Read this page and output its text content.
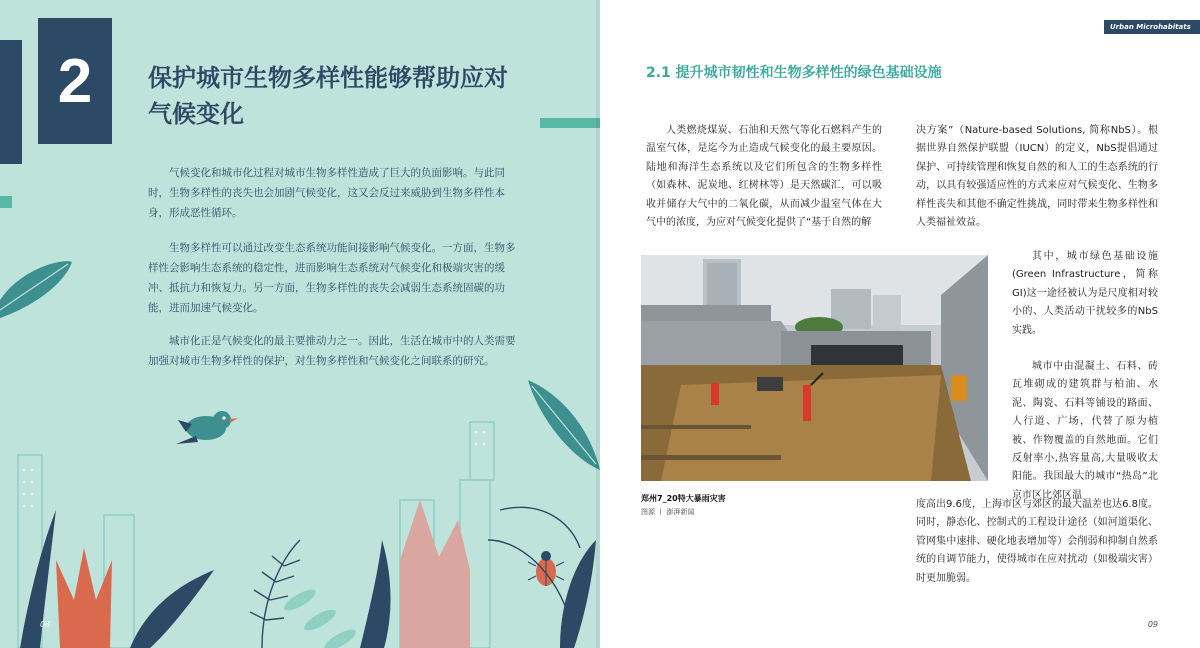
2 保护城市生物多样性能够帮助应对
气候变化

气候变化和城市化过程对城市生物多样性造成了巨大的负面影响。与此同时，生物多样性的丧失也会加剧气候变化，这又会反过来威胁到生物多样性本身，形成恶性循环。

生物多样性可以通过改变生态系统功能间接影响气候变化。一方面，生物多样性会影响生态系统的稳定性，进而影响生态系统对气候变化和极端灾害的缓冲、抵抗力和恢复力。另一方面，生物多样性的丧失会减弱生态系统固碳的功能，进而加速气候变化。

城市化正是气候变化的最主要推动力之一。因此，生活在城市中的人类需要加强对城市生物多样性的保护，对生物多样性和气候变化之间联系的研究。

08
Urban Microhabitats
2.1 提升城市韧性和生物多样性的绿色基础设施

人类燃烧煤炭、石油和天然气等化石燃料产生的温室气体，是迄今为止造成气候变化的最主要原因。陆地和海洋生态系统以及它们所包含的生物多样性（如森林、泥炭地、红树林等）是天然碳汇，可以吸收并储存大气中的二氧化碳，从而减少温室气体在大气中的浓度，为应对气候变化提供了“基于自然的解

决方案”（Nature-based Solutions, 简称NbS）。根据世界自然保护联盟（IUCN）的定义，NbS提倡通过保护、可持续管理和恢复自然的和人工的生态系统的行动，以具有较强适应性的方式来应对气候变化、生物多样性丧失和其他不确定性挑战，同时带来生物多样性和人类福祉效益。

郑州7_20特大暴雨灾害
图源 丨 澎湃新闻

其中，城市绿色基础设施(Green Infrastructure，简称GI)这一途径被认为是尺度相对较小的、人类活动干扰较多的NbS实践。

城市中由混凝土、石料、砖瓦堆砌成的建筑群与柏油、水泥、陶瓷、石料等铺设的路面、人行道、广场，代替了原为植被、作物覆盖的自然地面。它们反射率小,热容量高,大量吸收太阳能。我国最大的城市“热岛”北京市区比郊区温

度高出9.6度，上海市区与郊区的最大温差也达6.8度。同时，静态化、控制式的工程设计途径（如河道渠化、管网集中速排、硬化地表增加等）会削弱和抑制自然系统的自调节能力，使得城市在应对扰动（如极端灾害）时更加脆弱。

09
